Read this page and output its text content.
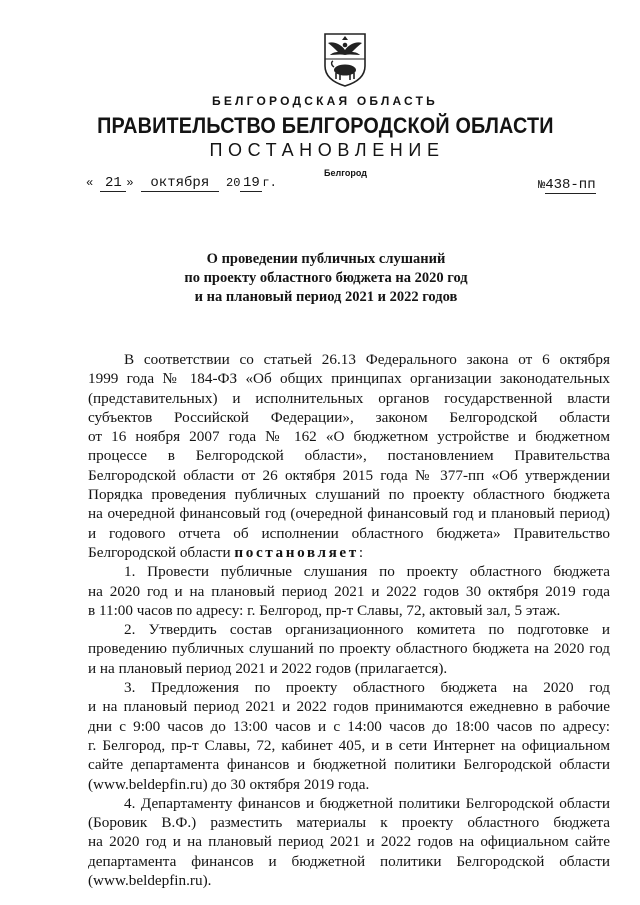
БЕЛГОРОДСКАЯ ОБЛАСТЬ
ПРАВИТЕЛЬСТВО БЕЛГОРОДСКОЙ ОБЛАСТИ
ПОСТАНОВЛЕНИЕ
Белгород
« 21 » октября 20 19 г.	№438-пп
О проведении публичных слушаний
по проекту областного бюджета на 2020 год
и на плановый период 2021 и 2022 годов

В соответствии со статьей 26.13 Федерального закона от 6 октября
1999 года № 184-ФЗ «Об общих принципах организации законодательных
(представительных) и исполнительных органов государственной власти
субъектов Российской Федерации», законом Белгородской области
от 16 ноября 2007 года № 162 «О бюджетном устройстве и бюджетном
процессе в Белгородской области», постановлением Правительства
Белгородской области от 26 октября 2015 года № 377-пп «Об утверждении
Порядка проведения публичных слушаний по проекту областного бюджета
на очередной финансовый год (очередной финансовый год и плановый период)
и годового отчета об исполнении областного бюджета» Правительство
Белгородской области постановляет:

1. Провести публичные слушания по проекту областного бюджета
на 2020 год и на плановый период 2021 и 2022 годов 30 октября 2019 года
в 11:00 часов по адресу: г. Белгород, пр-т Славы, 72, актовый зал, 5 этаж.

2. Утвердить состав организационного комитета по подготовке и
проведению публичных слушаний по проекту областного бюджета на 2020 год
и на плановый период 2021 и 2022 годов (прилагается).

3. Предложения по проекту областного бюджета на 2020 год
и на плановый период 2021 и 2022 годов принимаются ежедневно в рабочие
дни с 9:00 часов до 13:00 часов и с 14:00 часов до 18:00 часов по адресу:
г. Белгород, пр-т Славы, 72, кабинет 405, и в сети Интернет на официальном
сайте департамента финансов и бюджетной политики Белгородской области
(www.beldepfin.ru) до 30 октября 2019 года.

4. Департаменту финансов и бюджетной политики Белгородской области
(Боровик В.Ф.) разместить материалы к проекту областного бюджета
на 2020 год и на плановый период 2021 и 2022 годов на официальном сайте
департамента финансов и бюджетной политики Белгородской области
(www.beldepfin.ru).
